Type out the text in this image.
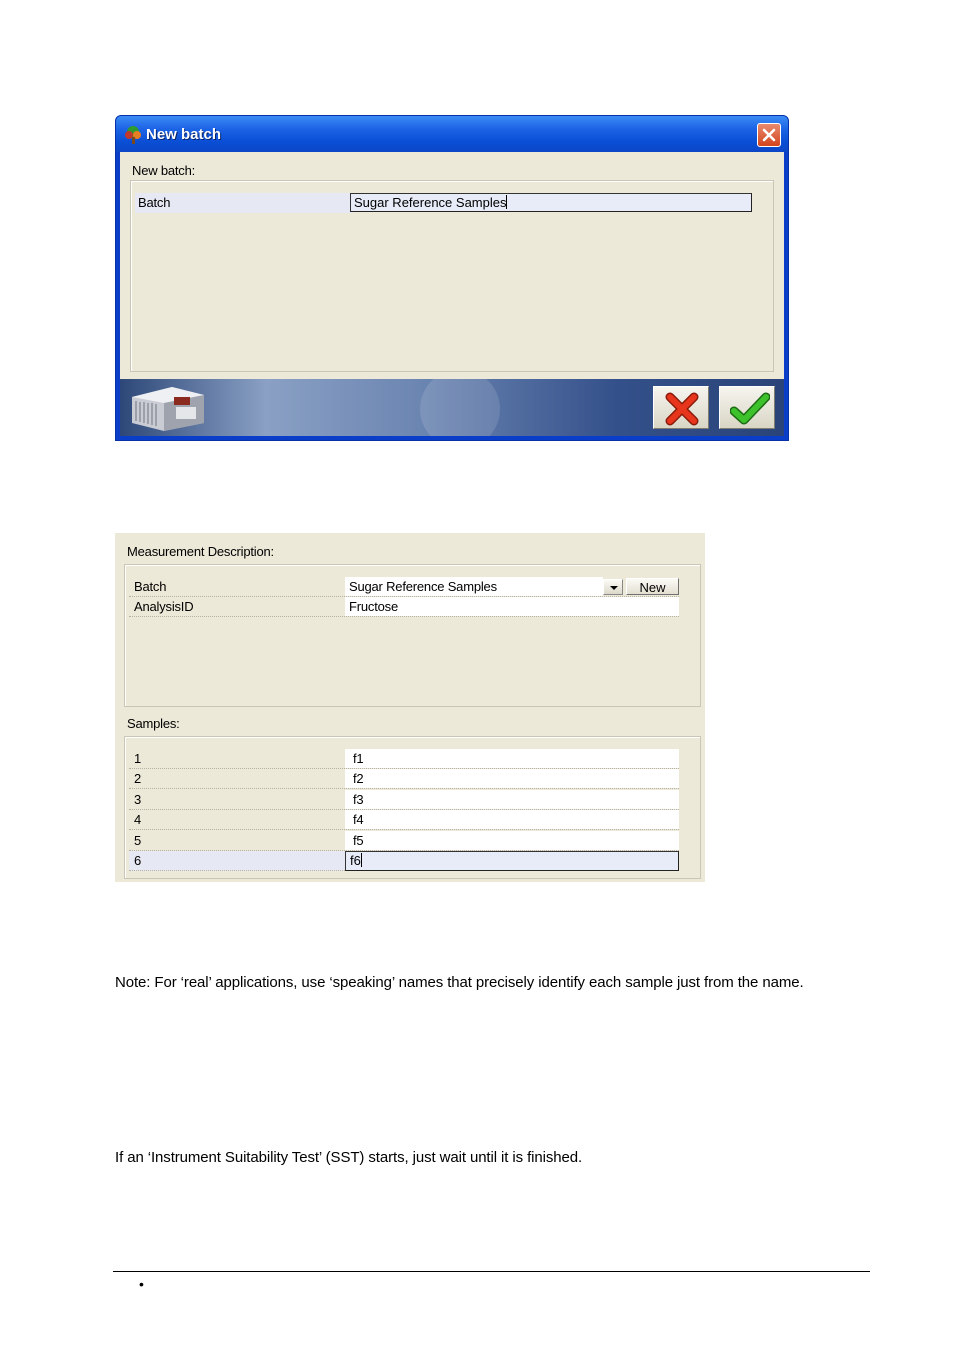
New batch
New batch:
Batch	Sugar Reference Samples
Measurement Description:
Batch	Sugar Reference Samples	New
AnalysisID	Fructose
Samples:
1	f1
2	f2
3	f3
4	f4
5	f5
6	f6
Note: For ‘real’ applications, use ‘speaking’ names that precisely identify each sample just from the name.
If an ‘Instrument Suitability Test’ (SST) starts, just wait until it is finished.
•
